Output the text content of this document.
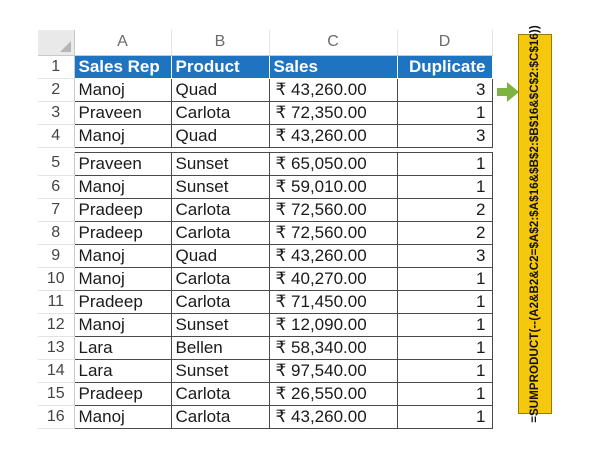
	A	B	C	D
1	Sales Rep	Product	Sales	Duplicate
2	Manoj	Quad	₹ 43,260.00	3
3	Praveen	Carlota	₹ 72,350.00	1
4	Manoj	Quad	₹ 43,260.00	3

5	Praveen	Sunset	₹ 65,050.00	1
6	Manoj	Sunset	₹ 59,010.00	1
7	Pradeep	Carlota	₹ 72,560.00	2
8	Pradeep	Carlota	₹ 72,560.00	2
9	Manoj	Quad	₹ 43,260.00	3
10	Manoj	Carlota	₹ 40,270.00	1
11	Pradeep	Carlota	₹ 71,450.00	1
12	Manoj	Sunset	₹ 12,090.00	1
13	Lara	Bellen	₹ 58,340.00	1
14	Lara	Sunset	₹ 97,540.00	1
15	Pradeep	Carlota	₹ 26,550.00	1
16	Manoj	Carlota	₹ 43,260.00	1	=SUMPRODUCT(--(A2&B2&C2=$A$2:$A$16&$B$2:$B$16&$C$2:$C$16))
